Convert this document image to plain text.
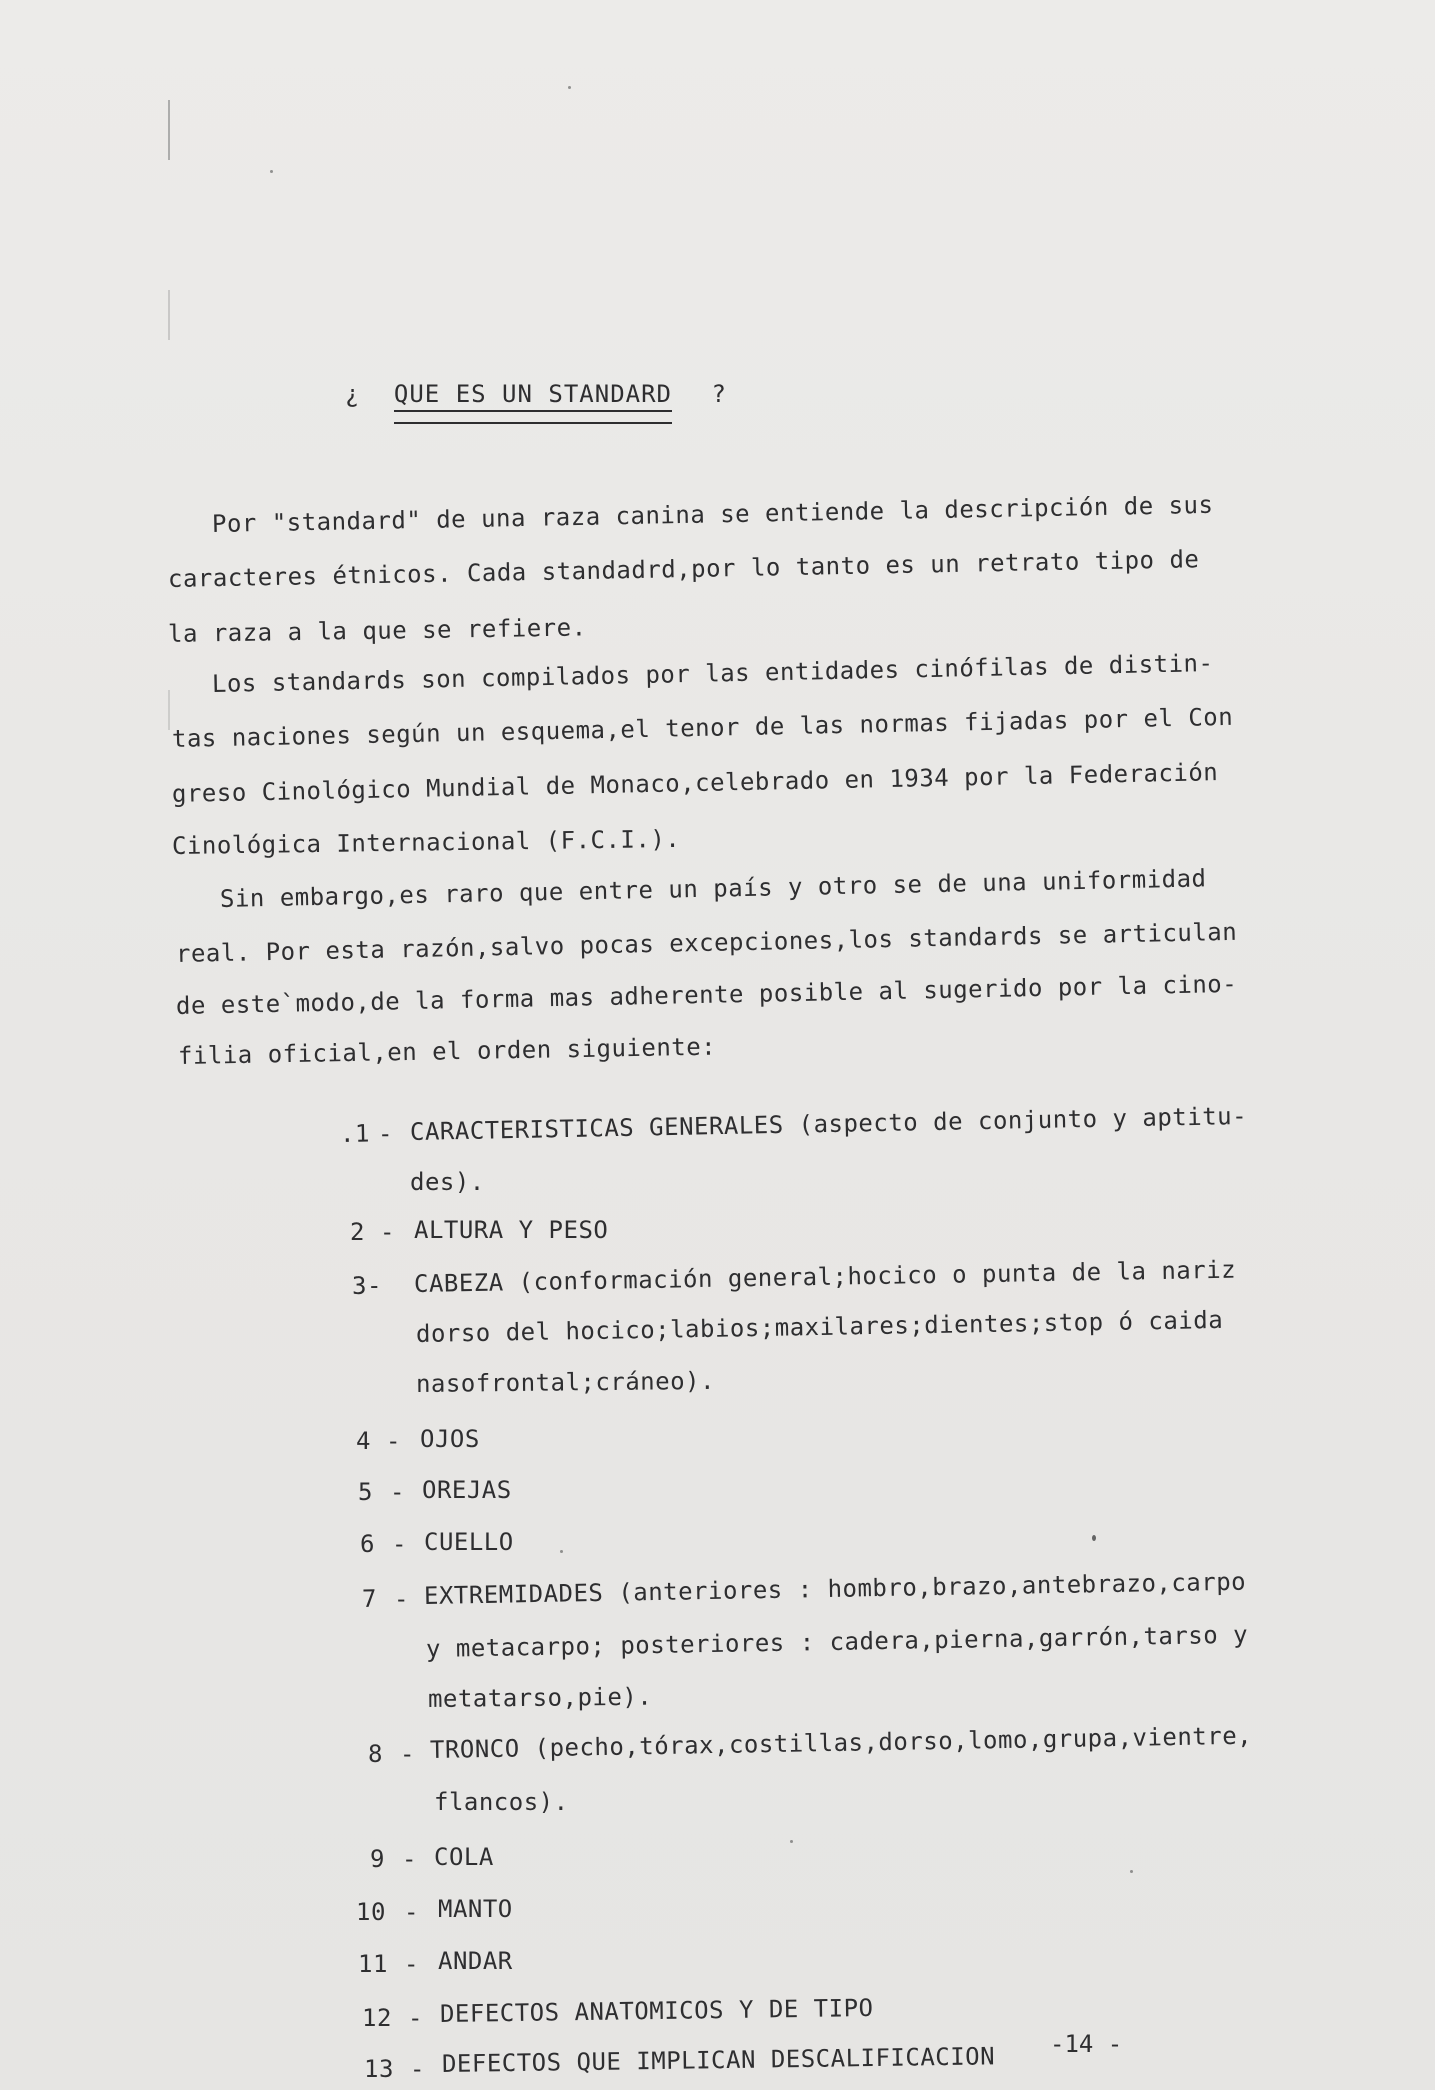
¿ QUE ES UN STANDARD ?
Por "standard" de una raza canina se entiende la descripción de sus
caracteres étnicos. Cada standadrd,por lo tanto es un retrato tipo de
la raza a la que se refiere.
Los standards son compilados por las entidades cinófilas de distin-
tas naciones según un esquema,el tenor de las normas fijadas por el Con
greso Cinológico Mundial de Monaco,celebrado en 1934 por la Federación
Cinológica Internacional (F.C.I.).
Sin embargo,es raro que entre un país y otro se de una uniformidad
real. Por esta razón,salvo pocas excepciones,los standards se articulan
de este`modo,de la forma mas adherente posible al sugerido por la cino-
filia oficial,en el orden siguiente:
.1 - CARACTERISTICAS GENERALES (aspecto de conjunto y aptitu-
des).
2 - ALTURA Y PESO
3- CABEZA (conformación general;hocico o punta de la nariz
dorso del hocico;labios;maxilares;dientes;stop ó caida
nasofrontal;cráneo).
4 - OJOS
5 - OREJAS
6 - CUELLO
7 - EXTREMIDADES (anteriores : hombro,brazo,antebrazo,carpo
y metacarpo; posteriores : cadera,pierna,garrón,tarso y
metatarso,pie).
8 - TRONCO (pecho,tórax,costillas,dorso,lomo,grupa,vientre,
flancos).
9 - COLA
10 - MANTO
11 - ANDAR
12 - DEFECTOS ANATOMICOS Y DE TIPO
13 - DEFECTOS QUE IMPLICAN DESCALIFICACION -14 -
